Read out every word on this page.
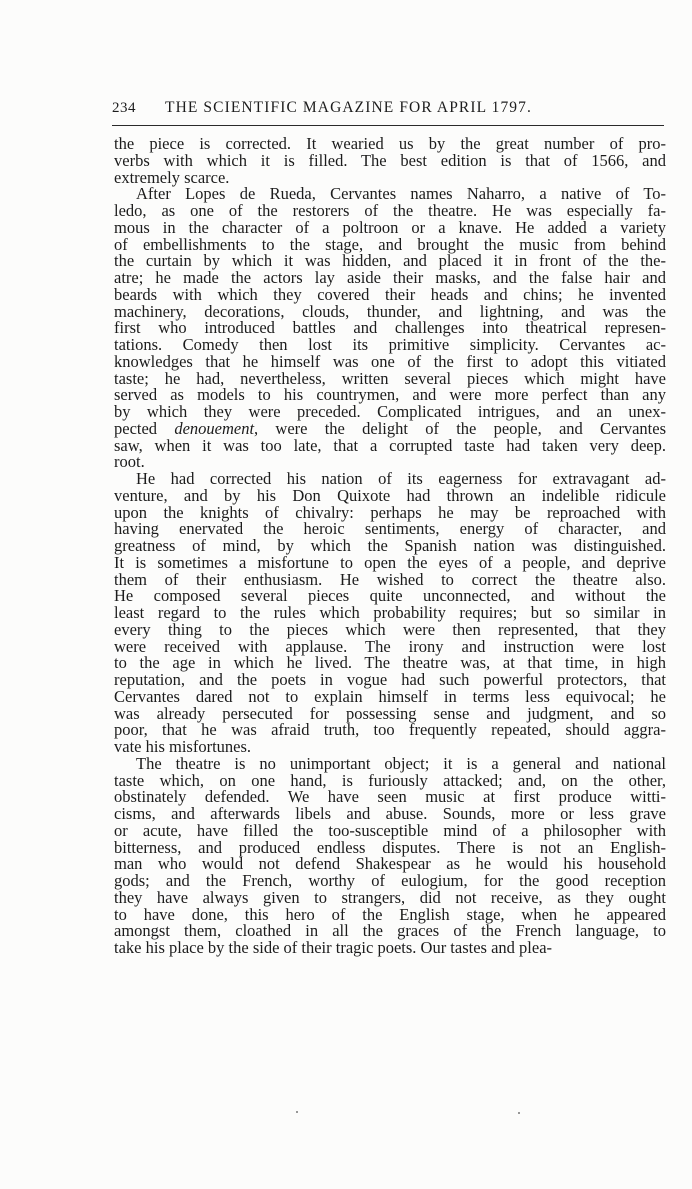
234 THE SCIENTIFIC MAGAZINE FOR APRIL 1797.
the piece is corrected. It wearied us by the great number of pro-
verbs with which it is filled. The best edition is that of 1566, and
extremely scarce.
After Lopes de Rueda, Cervantes names Naharro, a native of To-
ledo, as one of the restorers of the theatre. He was especially fa-
mous in the character of a poltroon or a knave. He added a variety
of embellishments to the stage, and brought the music from behind
the curtain by which it was hidden, and placed it in front of the the-
atre; he made the actors lay aside their masks, and the false hair and
beards with which they covered their heads and chins; he invented
machinery, decorations, clouds, thunder, and lightning, and was the
first who introduced battles and challenges into theatrical represen-
tations. Comedy then lost its primitive simplicity. Cervantes ac-
knowledges that he himself was one of the first to adopt this vitiated
taste; he had, nevertheless, written several pieces which might have
served as models to his countrymen, and were more perfect than any
by which they were preceded. Complicated intrigues, and an unex-
pected denouement, were the delight of the people, and Cervantes
saw, when it was too late, that a corrupted taste had taken very deep.
root.
He had corrected his nation of its eagerness for extravagant ad-
venture, and by his Don Quixote had thrown an indelible ridicule
upon the knights of chivalry: perhaps he may be reproached with
having enervated the heroic sentiments, energy of character, and
greatness of mind, by which the Spanish nation was distinguished.
It is sometimes a misfortune to open the eyes of a people, and deprive
them of their enthusiasm. He wished to correct the theatre also.
He composed several pieces quite unconnected, and without the
least regard to the rules which probability requires; but so similar in
every thing to the pieces which were then represented, that they
were received with applause. The irony and instruction were lost
to the age in which he lived. The theatre was, at that time, in high
reputation, and the poets in vogue had such powerful protectors, that
Cervantes dared not to explain himself in terms less equivocal; he
was already persecuted for possessing sense and judgment, and so
poor, that he was afraid truth, too frequently repeated, should aggra-
vate his misfortunes.
The theatre is no unimportant object; it is a general and national
taste which, on one hand, is furiously attacked; and, on the other,
obstinately defended. We have seen music at first produce witti-
cisms, and afterwards libels and abuse. Sounds, more or less grave
or acute, have filled the too-susceptible mind of a philosopher with
bitterness, and produced endless disputes. There is not an English-
man who would not defend Shakespear as he would his household
gods; and the French, worthy of eulogium, for the good reception
they have always given to strangers, did not receive, as they ought
to have done, this hero of the English stage, when he appeared
amongst them, cloathed in all the graces of the French language, to
take his place by the side of their tragic poets. Our tastes and plea-
